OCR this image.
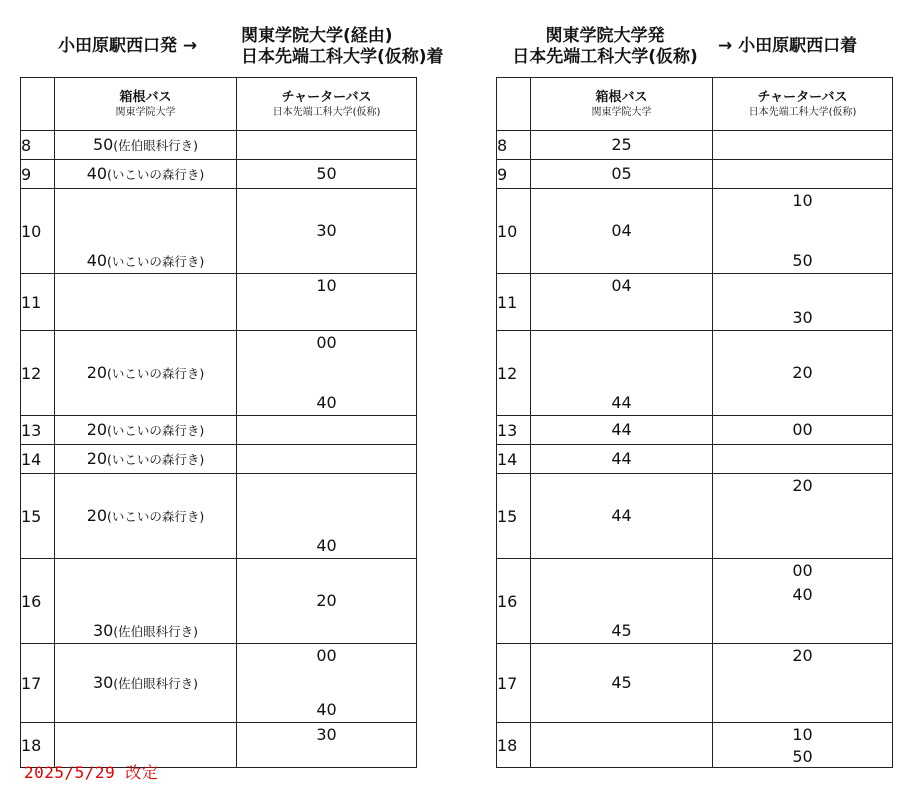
小田原駅西口発 →	関東学院大学(経由)
日本先端工科大学(仮称)着
関東学院大学発
日本先端工科大学(仮称)
→ 小田原駅西口着

	箱根バス
関東学院大学	チャーターバス
日本先端工科大学(仮称)

8	50(佐伯眼科行き)	

9	40(いこいの森行き)	50

10	40(いこいの森行き)	30

11		10

12	20(いこいの森行き)	00
40

13	20(いこいの森行き)	

14	20(いこいの森行き)	

15	20(いこいの森行き)	40

16	30(佐伯眼科行き)	20

17	30(佐伯眼科行き)	00
40

18		30

	箱根バス
関東学院大学	チャーターバス
日本先端工科大学(仮称)

8	25	

9	05	

10	04	10
50

11	04	30

12	44	20

13	44	00

14	44	

15	44	20

16	45	00
40

17	45	20

18		10
50
2025/5/29 改定
